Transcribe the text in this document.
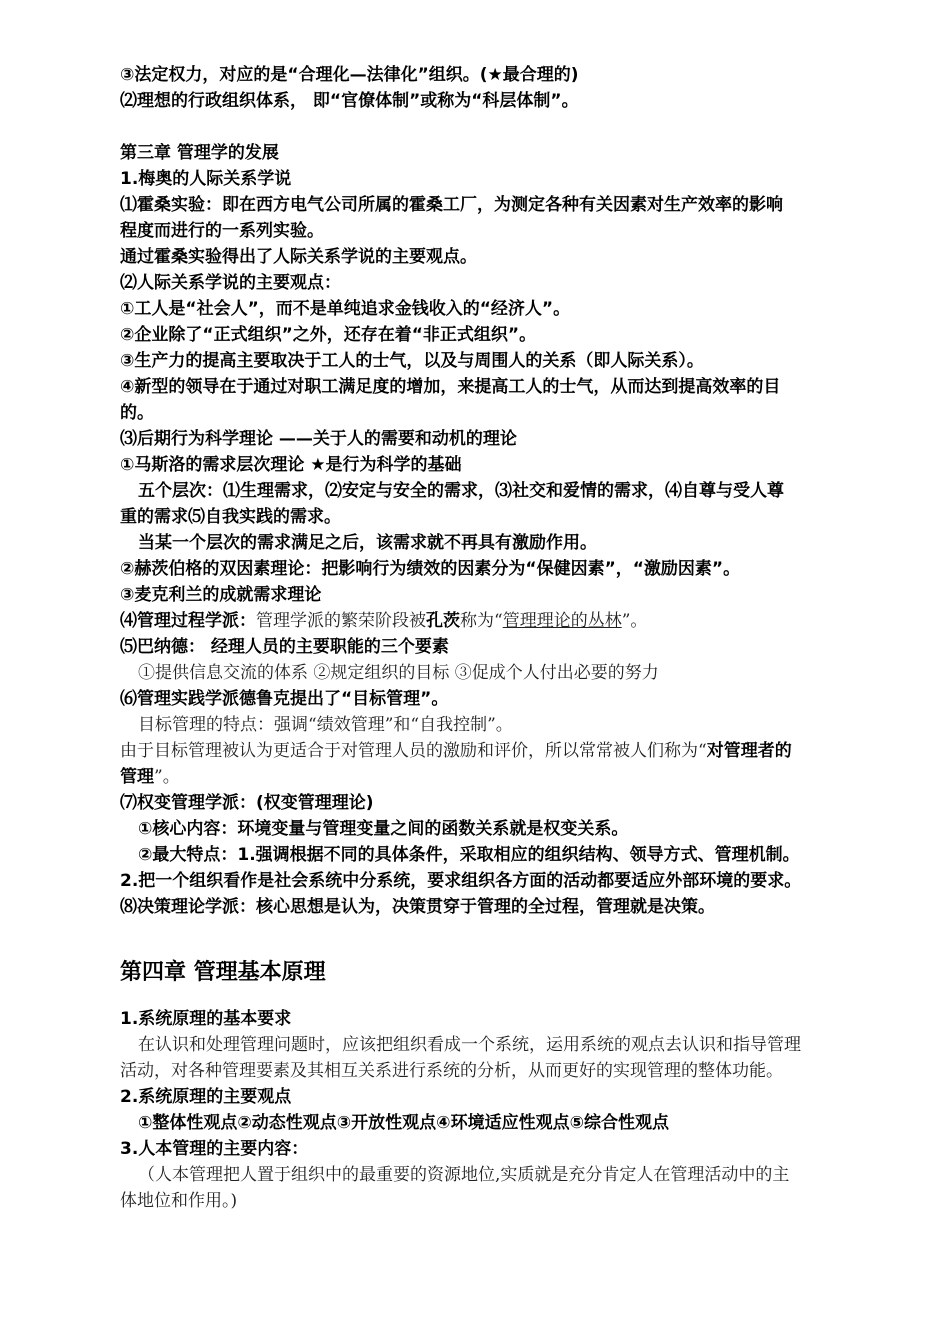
③法定权力，对应的是“合理化—法律化”组织。(★最合理的)
⑵理想的行政组织体系， 即“官僚体制”或称为“科层体制”。
第三章 管理学的发展
1.梅奥的人际关系学说
⑴霍桑实验：即在西方电气公司所属的霍桑工厂，为测定各种有关因素对生产效率的影响
程度而进行的一系列实验。
通过霍桑实验得出了人际关系学说的主要观点。
⑵人际关系学说的主要观点：
①工人是“社会人”，而不是单纯追求金钱收入的“经济人”。
②企业除了“正式组织”之外，还存在着“非正式组织”。
③生产力的提高主要取决于工人的士气，以及与周围人的关系（即人际关系）。
④新型的领导在于通过对职工满足度的增加，来提高工人的士气，从而达到提高效率的目
的。
⑶后期行为科学理论 ——关于人的需要和动机的理论
①马斯洛的需求层次理论 ★是行为科学的基础
五个层次：⑴生理需求，⑵安定与安全的需求，⑶社交和爱情的需求，⑷自尊与受人尊
重的需求⑸自我实践的需求。
当某一个层次的需求满足之后，该需求就不再具有激励作用。
②赫茨伯格的双因素理论：把影响行为绩效的因素分为“保健因素”，“激励因素”。
③麦克利兰的成就需求理论
⑷管理过程学派：管理学派的繁荣阶段被孔茨称为“管理理论的丛林”。
⑸巴纳德： 经理人员的主要职能的三个要素
①提供信息交流的体系 ②规定组织的目标 ③促成个人付出必要的努力
⑹管理实践学派德鲁克提出了“目标管理”。
目标管理的特点：强调“绩效管理”和“自我控制”。
由于目标管理被认为更适合于对管理人员的激励和评价，所以常常被人们称为“对管理者的
管理”。
⑺权变管理学派：(权变管理理论)
①核心内容：环境变量与管理变量之间的函数关系就是权变关系。
②最大特点：1.强调根据不同的具体条件，采取相应的组织结构、领导方式、管理机制。
2.把一个组织看作是社会系统中分系统，要求组织各方面的活动都要适应外部环境的要求。
⑻决策理论学派：核心思想是认为，决策贯穿于管理的全过程，管理就是决策。
第四章 管理基本原理
1.系统原理的基本要求
在认识和处理管理问题时，应该把组织看成一个系统，运用系统的观点去认识和指导管理
活动，对各种管理要素及其相互关系进行系统的分析，从而更好的实现管理的整体功能。
2.系统原理的主要观点
①整体性观点②动态性观点③开放性观点④环境适应性观点⑤综合性观点
3.人本管理的主要内容：
（人本管理把人置于组织中的最重要的资源地位,实质就是充分肯定人在管理活动中的主
体地位和作用。)
